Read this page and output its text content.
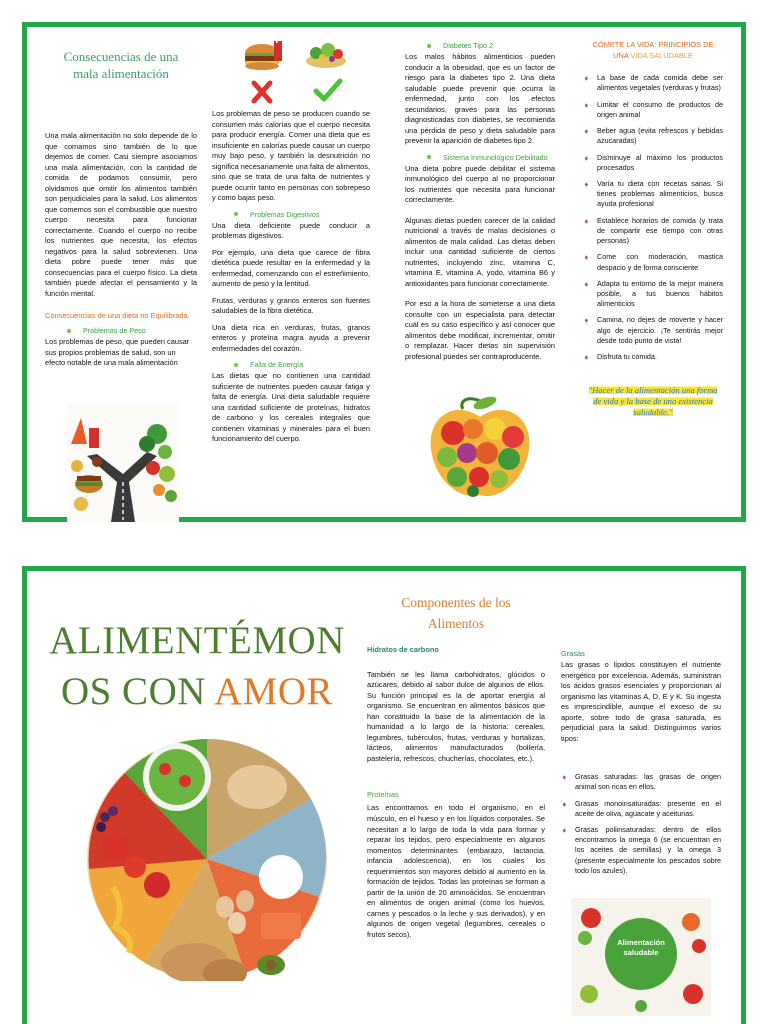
Consecuencias de una mala alimentación
Una mala alimentación no solo depende de lo que comamos sino también de lo que dejemos de comer. Casi siempre asociamos una mala alimentación, con la cantidad de comida de podamos consumir, pero olvidamos que omitir los alimentos también son perjudiciales para la salud. Los alimentos que comemos son el combustible que nuestro cuerpo necesita para funcionar correctamente. Cuando el cuerpo no recibe los nutrientes que necesita, los efectos negativos para la salud sobrevienen. Una dieta pobre puede tener más que consecuencias para el cuerpo físico. La dieta también puede afectar el pensamiento y la función mental.
Consecuencias de una dieta no Equilibrada.
Problemas de Peso
Los problemas de peso, que pueden causar sus propios problemas de salud, son un efecto notable de una mala alimentación
Los problemas de peso se producen cuando se consumen más calorías que el cuerpo necesita para producir energía. Comer una dieta que es insuficiente en calorías puede causar un cuerpo muy bajo peso, y también la desnutrición no significa necesariamente una falta de alimentos, sino que se trata de una falta de nutrientes y puede ocurrir tanto en personas con sobrepeso y como bajas peso.
Problemas Digestivos
Una dieta deficiente puede conducir a problemas digestivos.
Por ejemplo, una dieta que carece de fibra dietética puede resultar en la enfermedad y la enfermedad, comenzando con el estreñimiento, aumento de peso y la lentitud.
Frutas, verduras y granos enteros son fuentes saludables de la fibra dietética.
Una dieta rica en verduras, frutas, granos enteros y proteína magra ayuda a prevenir enfermedades del corazón.
Falta de Energía
Las dietas que no contienen una cantidad suficiente de nutrientes pueden causar fatiga y falta de energía. Una dieta saludable requiere una cantidad suficiente de proteínas, hidratos de carbono y los cereales integrales que contienen vitaminas y minerales para el buen funcionamiento del cuerpo.
Diabetes Tipo 2
Los malos hábitos alimenticios pueden conducir a la obesidad, que es un factor de riesgo para la diabetes tipo 2. Una dieta saludable puede prevenir que ocurra la enfermedad, junto con los efectos secundarios, graves para las personas diagnosticadas con diabetes, se recomienda una pérdida de peso y dieta saludable para prevenir la aparición de diabetes tipo 2.
Sistema Inmunológico Debilitado
Una dieta pobre puede debilitar el sistema inmunológico del cuerpo al no proporcionar los nutrientes que necesita para funcionar correctamente.
Algunas dietas pueden carecer de la calidad nutricional a través de malas decisiones o alimentos de mala calidad. Las dietas deben incluir una cantidad suficiente de ciertos nutrientes, incluyendo zinc, vitamina C, vitamina E, vitamina A, yodo, vitamina B6 y antioxidantes para funcionar correctamente.
Por eso a la hora de someterse a una dieta consulte con un especialista para detectar cuál es su caso específico y así conocer que alimentos debe modificar, incrementar, omitir o remplazar. Hacer dietas sin supervisión profesional puedes ser contraproducente.
CÓMETE LA VIDA: PRINCIPIOS DE
UNA VIDA SALUDABLE
➧	La base de cada comida debe ser alimentos vegetales (verduras y frutas)
➧	Limitar el consumo de productos de origen animal
➧	Beber agua (evita refrescos y bebidas azucaradas)
➧	Disminuye al máximo los productos procesados
➧	Varía tu dieta con recetas sanas. Si tienes problemas alimenticios, busca ayuda profesional
➧	Establece horarios de comida (y trata de compartir ese tiempo con otras personas)
➧	Come con moderación, mastica despacio y de forma consciente
➧	Adapta tu entorno de la mejor manera posible, a tus buenos hábitos alimenticios
➧	Camina, no dejes de moverte y hacer algo de ejercicio. ¡Te sentirás mejor desde todo punto de vista!
➧	Disfruta tu comida.
"Hacer de la alimentación una forma de vida y la base de una existencia saludable."
ALIMENTÉMON
OS CON AMOR
Componentes de los
Alimentos
Hidratos de carbono
También se les llama carbohidratos, glúcidos o azúcares, debido al sabor dulce de algunos de ellos. Su función principal es la de aportar energía al organismo. Se encuentran en alimentos básicos que han constituido la base de la alimentación de la humanidad a lo largo de la historia: cereales, legumbres, tubérculos, frutas, verduras y hortalizas, lácteos, alimentos manufacturados (bollería, pastelería, refrescos, chucherías, chocolates, etc.).
Proteínas
Las encontramos en todo el organismo, en el músculo, en el hueso y en los líquidos corporales. Se necesitan a lo largo de toda la vida para formar y reparar los tejidos, pero especialmente en algunos momentos determinantes (embarazo, lactancia, infancia adolescencia), en los cuales los requerimientos son mayores debido al aumento en la formación de tejidos. Todas las proteínas se forman a partir de la unión de 20 aminoácidos. Se encuentran en alimentos de origen animal (como los huevos, carnes y pescados o la leche y sus derivados), y en algunos de origen vegetal (legumbres, cereales o frutos secos).
Grasas
Las grasas o lípidos constituyen el nutriente energético por excelencia. Además, suministran los ácidos grasos esenciales y proporcionan al organismo las vitaminas A, D, E y K. Su ingesta es imprescindible, aunque el exceso de su aporte, sobre todo de grasa saturada, es perjudicial para la salud. Distinguimos varios tipos:
➧	Grasas saturadas: las grasas de origen animal son ricas en ellos.
➧	Grasas monoinsaturadas: presente en el aceite de oliva, aguacate y aceitunas.
➧	Grasas poliinsaturadas: dentro de ellos encontramos la omega 6 (se encuentran en los aceites de semillas) y la omega 3 (presente especialmente los pescados sobre todo los azules).
Alimentación
saludable
